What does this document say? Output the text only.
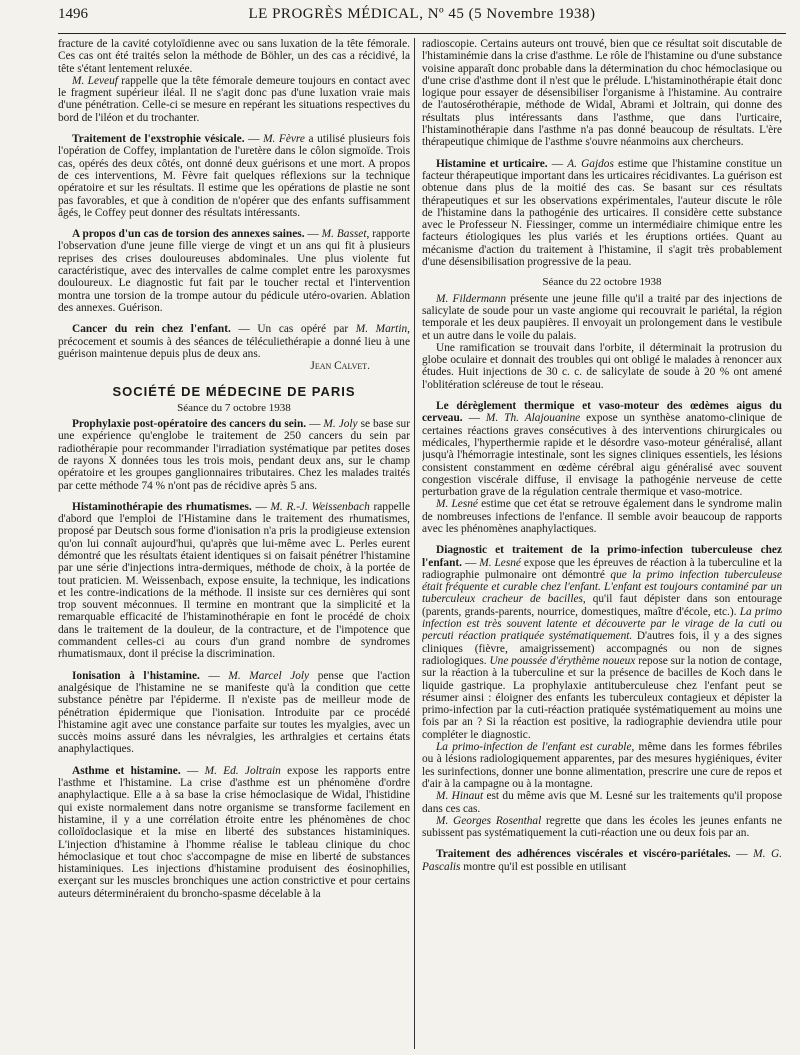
1496	LE PROGRÈS MÉDICAL, Nº 45 (5 Novembre 1938)

fracture de la cavité cotyloïdienne avec ou sans luxation de la tête fémorale. Ces cas ont été traités selon la méthode de Böhler, un des cas a récidivé, la tête s'étant lentement reluxée.

M. Leveuf rappelle que la tête fémorale demeure toujours en contact avec le fragment supérieur iléal. Il ne s'agit donc pas d'une luxation vraie mais d'une pénétration. Celle-ci se mesure en repérant les situations respectives du bord de l'iléon et du trochanter.

Traitement de l'exstrophie vésicale. — M. Fèvre a utilisé plusieurs fois l'opération de Coffey, implantation de l'uretère dans le côlon sigmoïde. Trois cas, opérés des deux côtés, ont donné deux guérisons et une mort. A propos de ces interventions, M. Fèvre fait quelques réflexions sur la technique opératoire et sur les résultats. Il estime que les opérations de plastie ne sont pas favorables, et que à condition de n'opérer que des enfants suffisamment âgés, le Coffey peut donner des résultats intéressants.

A propos d'un cas de torsion des annexes saines. — M. Basset, rapporte l'observation d'une jeune fille vierge de vingt et un ans qui fit à plusieurs reprises des crises douloureuses abdominales. Une plus violente fut caractéristique, avec des intervalles de calme complet entre les paroxysmes douloureux. Le diagnostic fut fait par le toucher rectal et l'intervention montra une torsion de la trompe autour du pédicule utéro-ovarien. Ablation des annexes. Guérison.

Cancer du rein chez l'enfant. — Un cas opéré par M. Martin, précocement et soumis à des séances de téléculiethérapie a donné lieu à une guérison maintenue depuis plus de deux ans.

Jean Calvet.

SOCIÉTÉ DE MÉDECINE DE PARIS
Séance du 7 octobre 1938

Prophylaxie post-opératoire des cancers du sein. — M. Joly se base sur une expérience qu'englobe le traitement de 250 cancers du sein par radiothérapie pour recommander l'irradiation systématique par petites doses de rayons X données tous les trois mois, pendant deux ans, sur le champ opératoire et les groupes ganglionnaires tributaires. Chez les malades traités par cette méthode 74 % n'ont pas de récidive après 5 ans.

Histaminothérapie des rhumatismes. — M. R.-J. Weissenbach rappelle d'abord que l'emploi de l'Histamine dans le traitement des rhumatismes, proposé par Deutsch sous forme d'ionisation n'a pris la prodigieuse extension qu'on lui connaît aujourd'hui, qu'après que lui-même avec L. Perles eurent démontré que les résultats étaient identiques si on faisait pénétrer l'histamine par une série d'injections intra-dermiques, méthode de choix, à la portée de tout praticien. M. Weissenbach, expose ensuite, la technique, les indications et les contre-indications de la méthode. Il insiste sur ces dernières qui sont trop souvent méconnues. Il termine en montrant que la simplicité et la remarquable efficacité de l'histaminothérapie en font le procédé de choix dans le traitement de la douleur, de la contracture, et de l'impotence que commandent celles-ci au cours d'un grand nombre de syndromes rhumatismaux, dont il précise la discrimination.

Ionisation à l'histamine. — M. Marcel Joly pense que l'action analgésique de l'histamine ne se manifeste qu'à la condition que cette substance pénètre par l'épiderme. Il n'existe pas de meilleur mode de pénétration épidermique que l'ionisation. Introduite par ce procédé l'histamine agit avec une constance parfaite sur toutes les myalgies, avec un succès moins assuré dans les névralgies, les arthralgies et certains états anaphylactiques.

Asthme et histamine. — M. Ed. Joltrain expose les rapports entre l'asthme et l'histamine. La crise d'asthme est un phénomène d'ordre anaphylactique. Elle a à sa base la crise hémoclasique de Widal, l'histidine qui existe normalement dans notre organisme se transforme facilement en histamine, il y a une corrélation étroite entre les phénomènes de choc colloïdoclasique et la mise en liberté des substances histaminiques. L'injection d'histamine à l'homme réalise le tableau clinique du choc hémoclasique et tout choc s'accompagne de mise en liberté de substances histaminiques. Les injections d'histamine produisent des éosinophilies, exerçant sur les muscles bronchiques une action constrictive et pour certains auteurs déterminéraient du broncho-spasme décelable à la

radioscopie. Certains auteurs ont trouvé, bien que ce résultat soit discutable de l'histaminémie dans la crise d'asthme. Le rôle de l'histamine ou d'une substance voisine apparaît donc probable dans la détermination du choc hémoclasique ou d'une crise d'asthme dont il n'est que le prélude. L'histaminothérapie était donc logique pour essayer de désensibiliser l'organisme à l'histamine. Au contraire de l'autosérothérapie, méthode de Widal, Abrami et Joltrain, qui donne des résultats plus intéressants dans l'asthme, que dans l'urticaire, l'histaminothérapie dans l'asthme n'a pas donné beaucoup de résultats. L'ère thérapeutique chimique de l'asthme s'ouvre néanmoins aux chercheurs.

Histamine et urticaire. — A. Gajdos estime que l'histamine constitue un facteur thérapeutique important dans les urticaires récidivantes. La guérison est obtenue dans plus de la moitié des cas. Se basant sur ces résultats thérapeutiques et sur les observations expérimentales, l'auteur discute le rôle de l'histamine dans la pathogénie des urticaires. Il considère cette substance avec le Professeur N. Fiessinger, comme un intermédiaire chimique entre les facteurs étiologiques les plus variés et les éruptions ortiées. Quant au mécanisme d'action du traitement à l'histamine, il s'agit très probablement d'une désensibilisation progressive de la peau.

Séance du 22 octobre 1938

M. Fildermann présente une jeune fille qu'il a traité par des injections de salicylate de soude pour un vaste angiome qui recouvrait le pariétal, la région temporale et les deux paupières. Il envoyait un prolongement dans le vestibule et un autre dans le voile du palais.

Une ramification se trouvait dans l'orbite, il déterminait la protrusion du globe oculaire et donnait des troubles qui ont obligé le malades à renoncer aux études. Huit injections de 30 c. c. de salicylate de soude à 20 % ont amené l'oblitération scléreuse de tout le réseau.

Le dérèglement thermique et vaso-moteur des œdèmes aigus du cerveau. — M. Th. Alajouanine expose un synthèse anatomo-clinique de certaines réactions graves consécutives à des interventions chirurgicales ou médicales, l'hyperthermie rapide et le désordre vaso-moteur généralisé, allant jusqu'à l'hémorragie intestinale, sont les signes cliniques essentiels, les lésions consistent constamment en œdème cérébral aigu généralisé avec souvent congestion viscérale diffuse, il envisage la pathogénie nerveuse de cette perturbation grave de la régulation centrale thermique et vaso-motrice.

M. Lesné estime que cet état se retrouve également dans le syndrome malin de nombreuses infections de l'enfance. Il semble avoir beaucoup de rapports avec les phénomènes anaphylactiques.

Diagnostic et traitement de la primo-infection tuberculeuse chez l'enfant. — M. Lesné expose que les épreuves de réaction à la tuberculine et la radiographie pulmonaire ont démontré que la primo infection tuberculeuse était fréquente et curable chez l'enfant. L'enfant est toujours contaminé par un tuberculeux cracheur de bacilles, qu'il faut dépister dans son entourage (parents, grands-parents, nourrice, domestiques, maître d'école, etc.). La primo infection est très souvent latente et découverte par le virage de la cuti ou percuti réaction pratiquée systématiquement. D'autres fois, il y a des signes cliniques (fièvre, amaigrissement) accompagnés ou non de signes radiologiques. Une poussée d'érythème noueux repose sur la notion de contage, sur la réaction à la tuberculine et sur la présence de bacilles de Koch dans le liquide gastrique. La prophylaxie antituberculeuse chez l'enfant peut se résumer ainsi : éloigner des enfants les tuberculeux contagieux et dépister la primo-infection par la cuti-réaction pratiquée systématiquement au moins une fois par an ? Si la réaction est positive, la radiographie deviendra utile pour compléter le diagnostic.

La primo-infection de l'enfant est curable, même dans les formes fébriles ou à lésions radiologiquement apparentes, par des mesures hygiéniques, éviter les surinfections, donner une bonne alimentation, prescrire une cure de repos et d'air à la campagne ou à la montagne.

M. Hinaut est du même avis que M. Lesné sur les traitements qu'il propose dans ces cas.

M. Georges Rosenthal regrette que dans les écoles les jeunes enfants ne subissent pas systématiquement la cuti-réaction une ou deux fois par an.

Traitement des adhérences viscérales et viscéro-pariétales. — M. G. Pascalis montre qu'il est possible en utilisant
